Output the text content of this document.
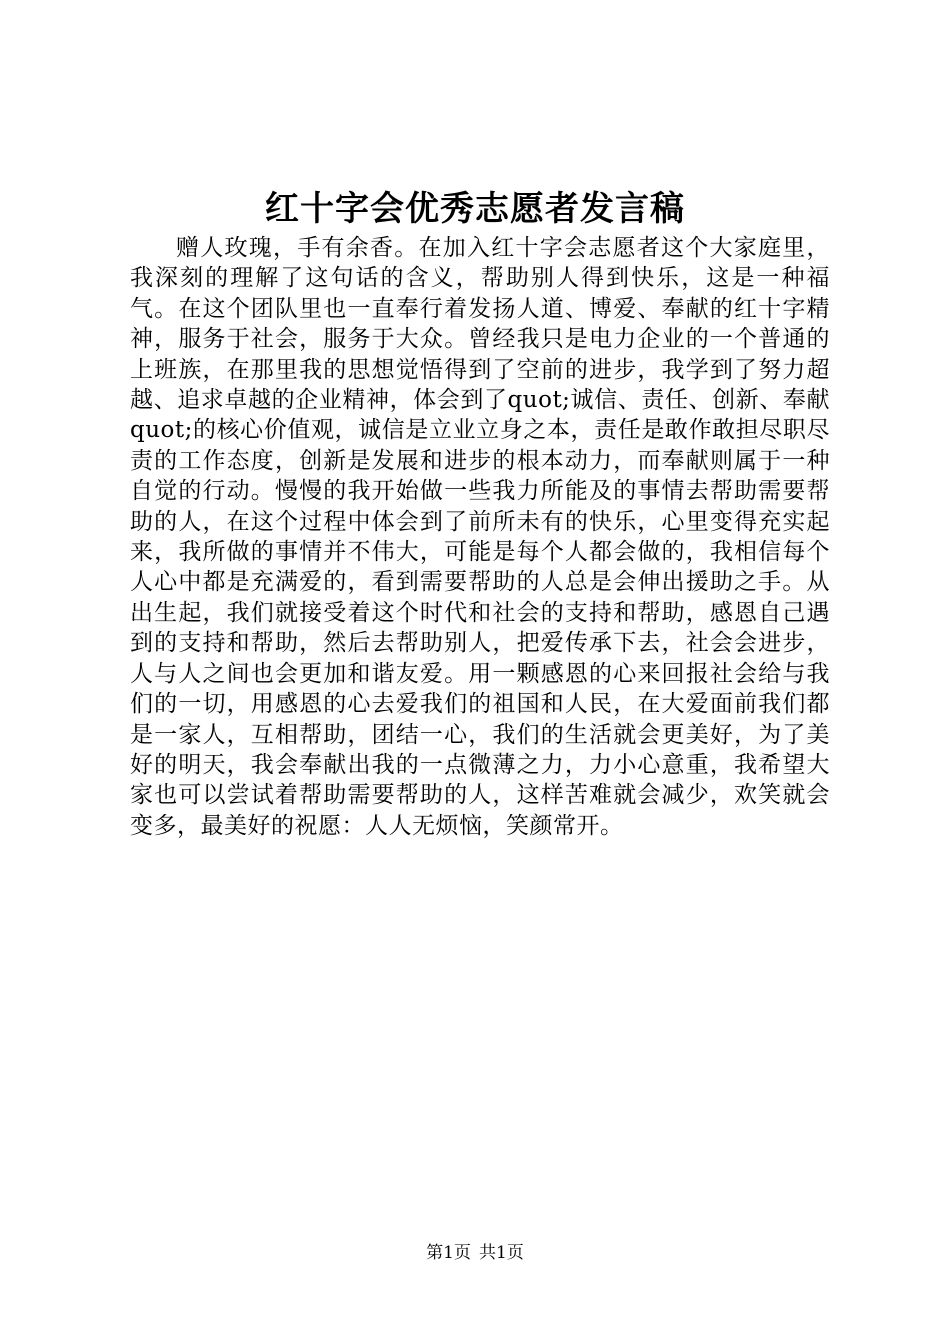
红十字会优秀志愿者发言稿

赠人玫瑰，手有余香。在加入红十字会志愿者这个大家庭里，我深刻的理解了这句话的含义，帮助别人得到快乐，这是一种福气。在这个团队里也一直奉行着发扬人道、博爱、奉献的红十字精神，服务于社会，服务于大众。曾经我只是电力企业的一个普通的上班族，在那里我的思想觉悟得到了空前的进步，我学到了努力超越、追求卓越的企业精神，体会到了quot;诚信、责任、创新、奉献quot;的核心价值观，诚信是立业立身之本，责任是敢作敢担尽职尽责的工作态度，创新是发展和进步的根本动力，而奉献则属于一种自觉的行动。慢慢的我开始做一些我力所能及的事情去帮助需要帮助的人，在这个过程中体会到了前所未有的快乐，心里变得充实起来，我所做的事情并不伟大，可能是每个人都会做的，我相信每个人心中都是充满爱的，看到需要帮助的人总是会伸出援助之手。从出生起，我们就接受着这个时代和社会的支持和帮助，感恩自己遇到的支持和帮助，然后去帮助别人，把爱传承下去，社会会进步，人与人之间也会更加和谐友爱。用一颗感恩的心来回报社会给与我们的一切，用感恩的心去爱我们的祖国和人民，在大爱面前我们都是一家人，互相帮助，团结一心，我们的生活就会更美好，为了美好的明天，我会奉献出我的一点微薄之力，力小心意重，我希望大家也可以尝试着帮助需要帮助的人，这样苦难就会减少，欢笑就会变多，最美好的祝愿：人人无烦恼，笑颜常开。

第1页 共1页
